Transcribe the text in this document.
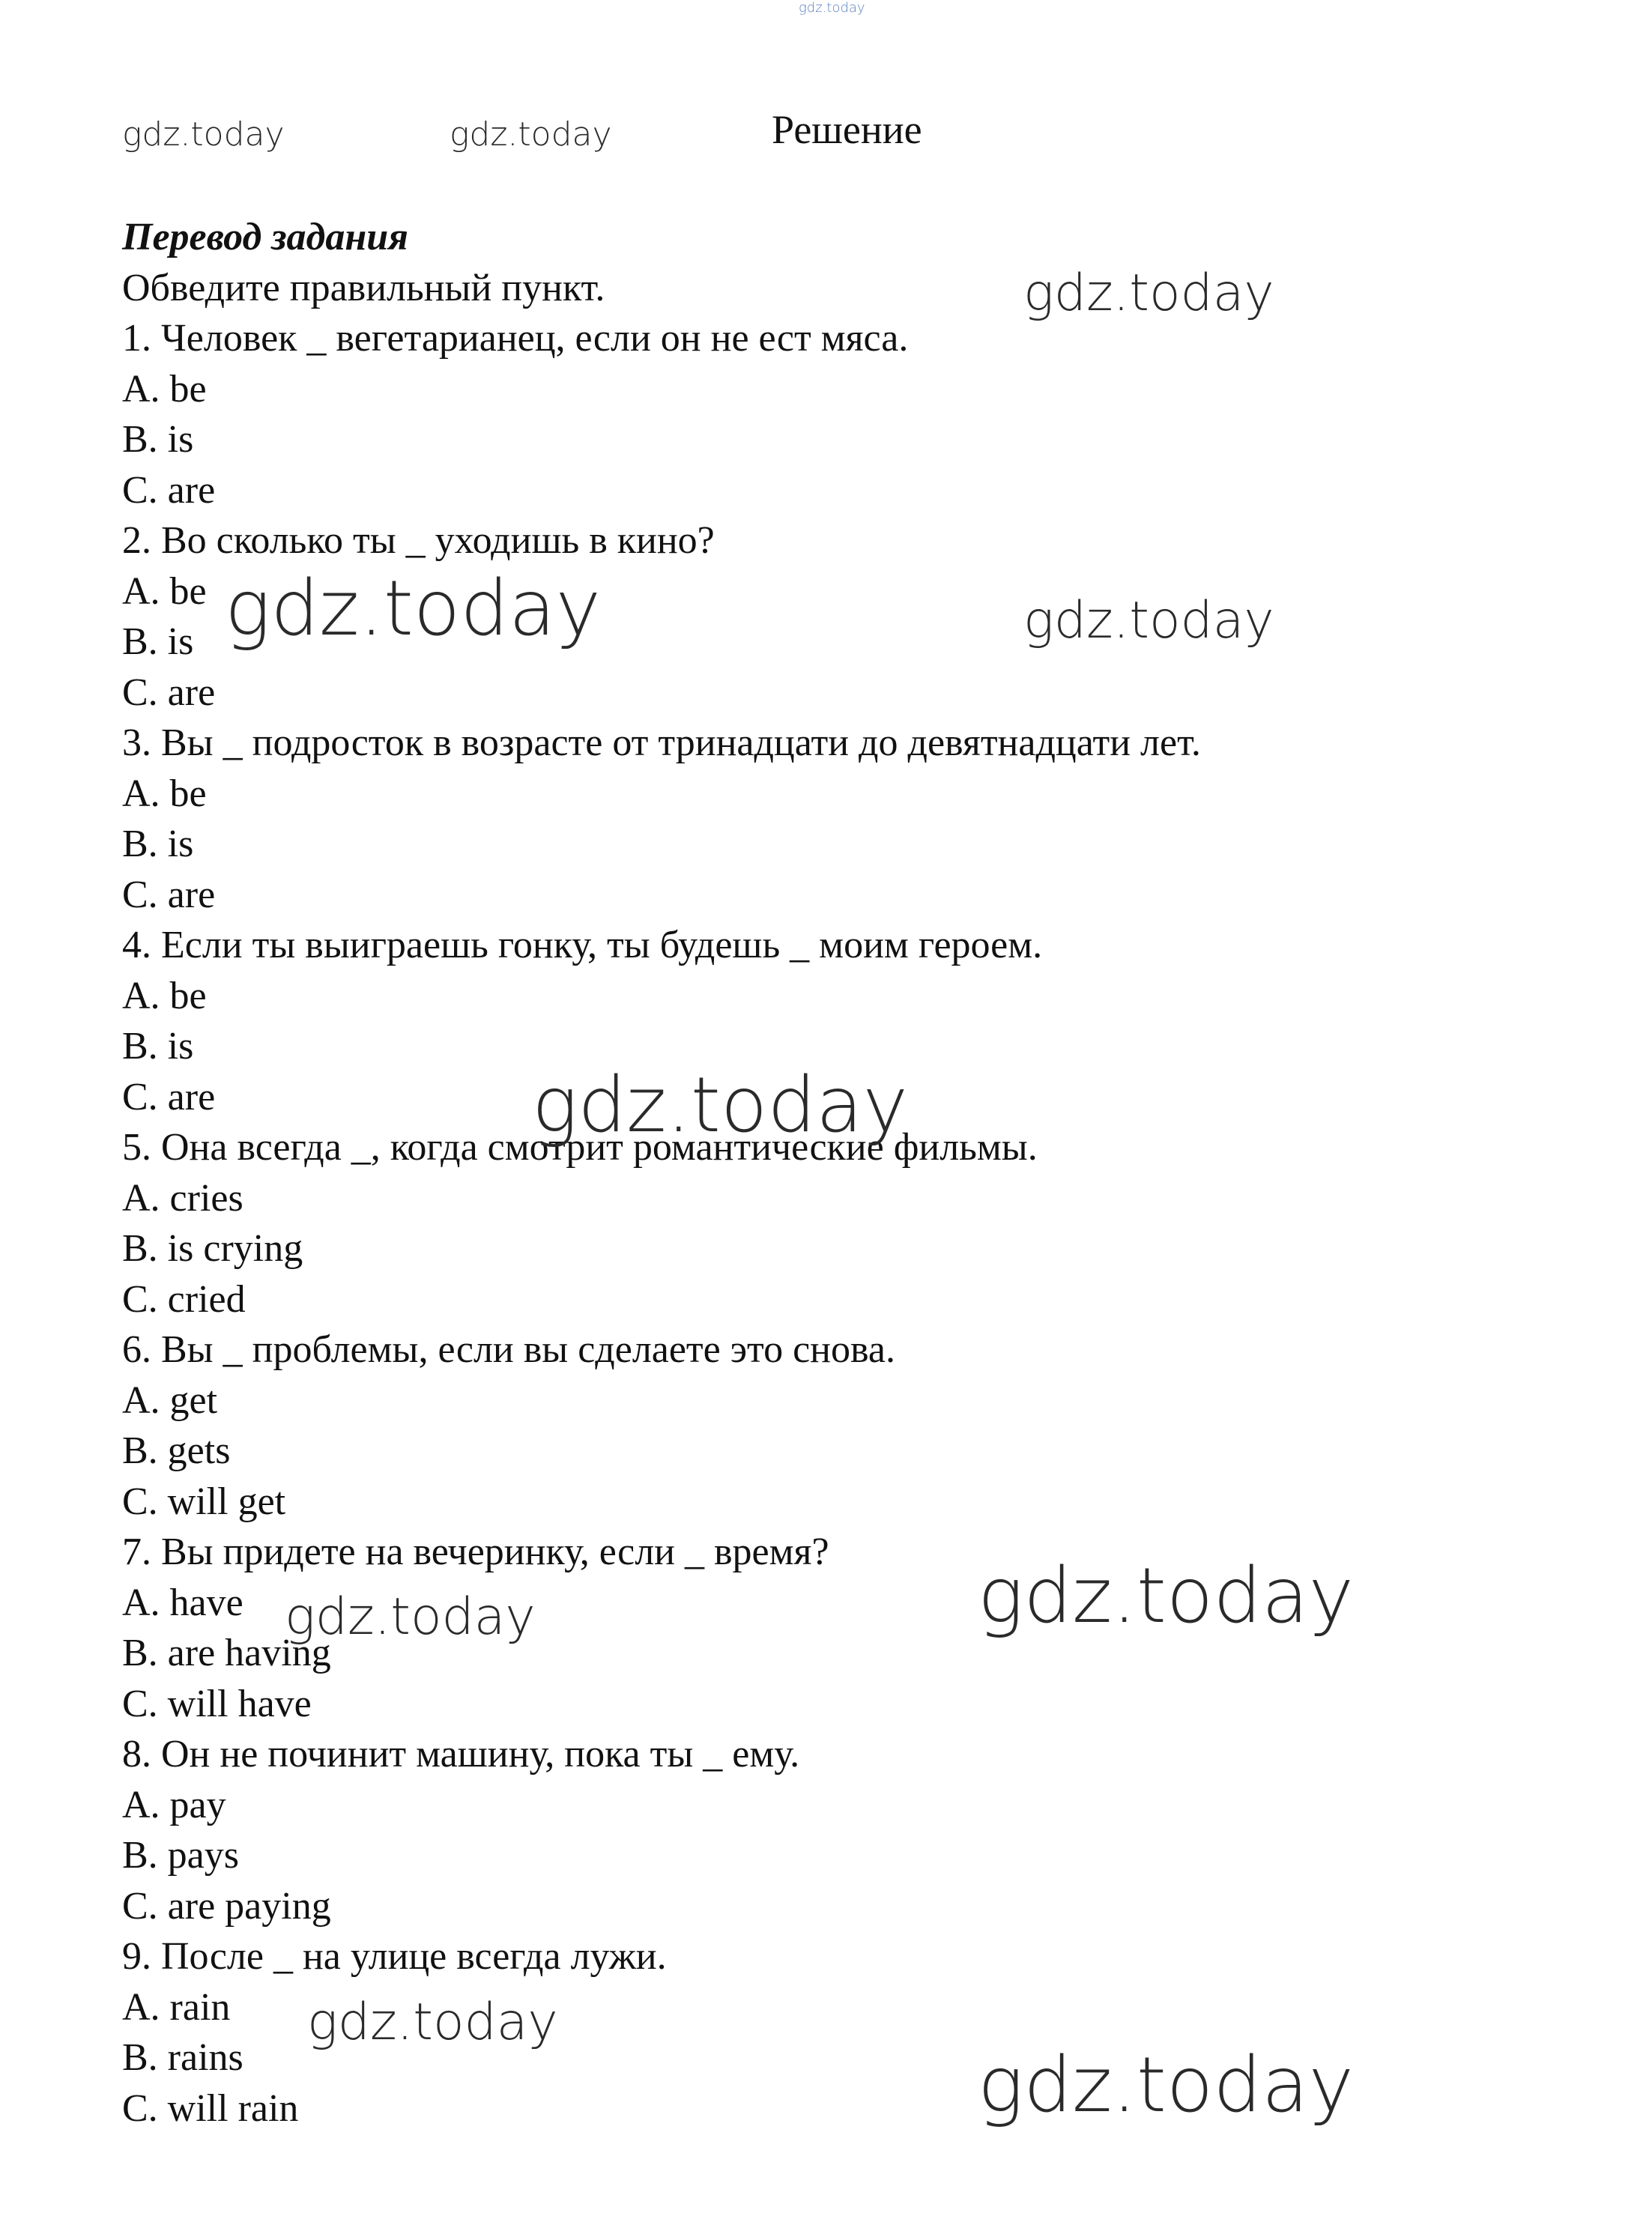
gdz.today
gdz.today	gdz.today	Решение
Перевод задания
Обведите правильный пункт.
1. Человек _ вегетарианец, если он не ест мяса.
A. be
B. is
C. are
2. Во сколько ты _ уходишь в кино?
A. be
B. is
C. are
3. Вы _ подросток в возрасте от тринадцати до девятнадцати лет.
A. be
B. is
C. are
4. Если ты выиграешь гонку, ты будешь _ моим героем.
A. be
B. is
C. are
5. Она всегда _, когда смотрит романтические фильмы.
A. cries
B. is crying
C. cried
6. Вы _ проблемы, если вы сделаете это снова.
A. get
B. gets
C. will get
7. Вы придете на вечеринку, если _ время?
A. have
B. are having
C. will have
8. Он не починит машину, пока ты _ ему.
A. pay
B. pays
C. are paying
9. После _ на улице всегда лужи.
A. rain
B. rains
C. will rain
gdz.today
gdz.today	gdz.today
gdz.today
gdz.today
gdz.today
gdz.today
gdz.today
